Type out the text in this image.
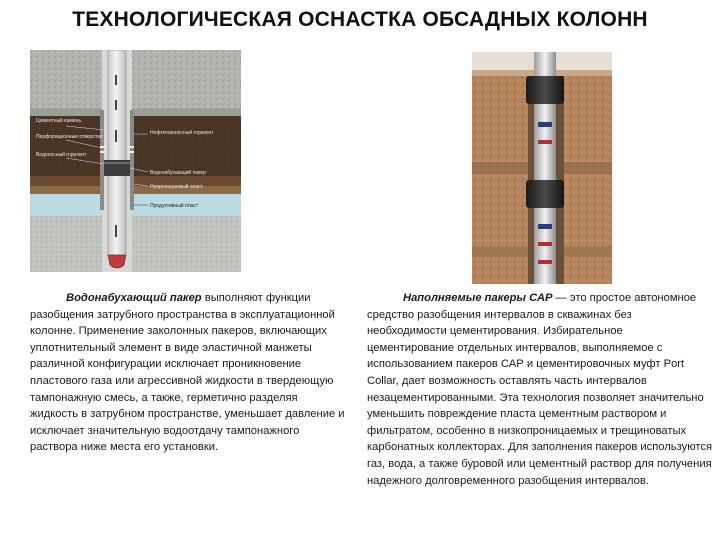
ТЕХНОЛОГИЧЕСКАЯ ОСНАСТКА ОБСАДНЫХ КОЛОНН
Цементный камень
Перфорационные отверстия
Водонабухающий пакер
Водоносный горизонт
Нефтегазоносный горизонт
Непроницаемый пласт
Продуктивный пласт

Водонабухающий пакер выполняют функции разобщения затрубного пространства в эксплуатационной колонне. Применение заколонных пакеров, включающих уплотнительный элемент в виде эластичной манжеты различной конфигурации исключает проникновение пластового газа или агрессивной жидкости в твердеющую тампонажную смесь, а также, герметично разделяя жидкость в затрубном пространстве, уменьшает давление и исключает значительную водоотдачу тампонажного раствора ниже места его установки.

Наполняемые пакеры САР — это простое автономное средство разобщения интервалов в скважинах без необходимости цементирования. Избирательное цементирование отдельных интервалов, выполняемое с использованием пакеров САР и цементировочных муфт Port Collar, дает возможность оставлять часть интервалов незацементированными. Эта технология позволяет значительно уменьшить повреждение пласта цементным раствором и фильтратом, особенно в низкопроницаемых и трещиноватых карбонатных коллекторах. Для заполнения пакеров используются газ, вода, а также буровой или цементный раствор для получения надежного долговременного разобщения интервалов.
